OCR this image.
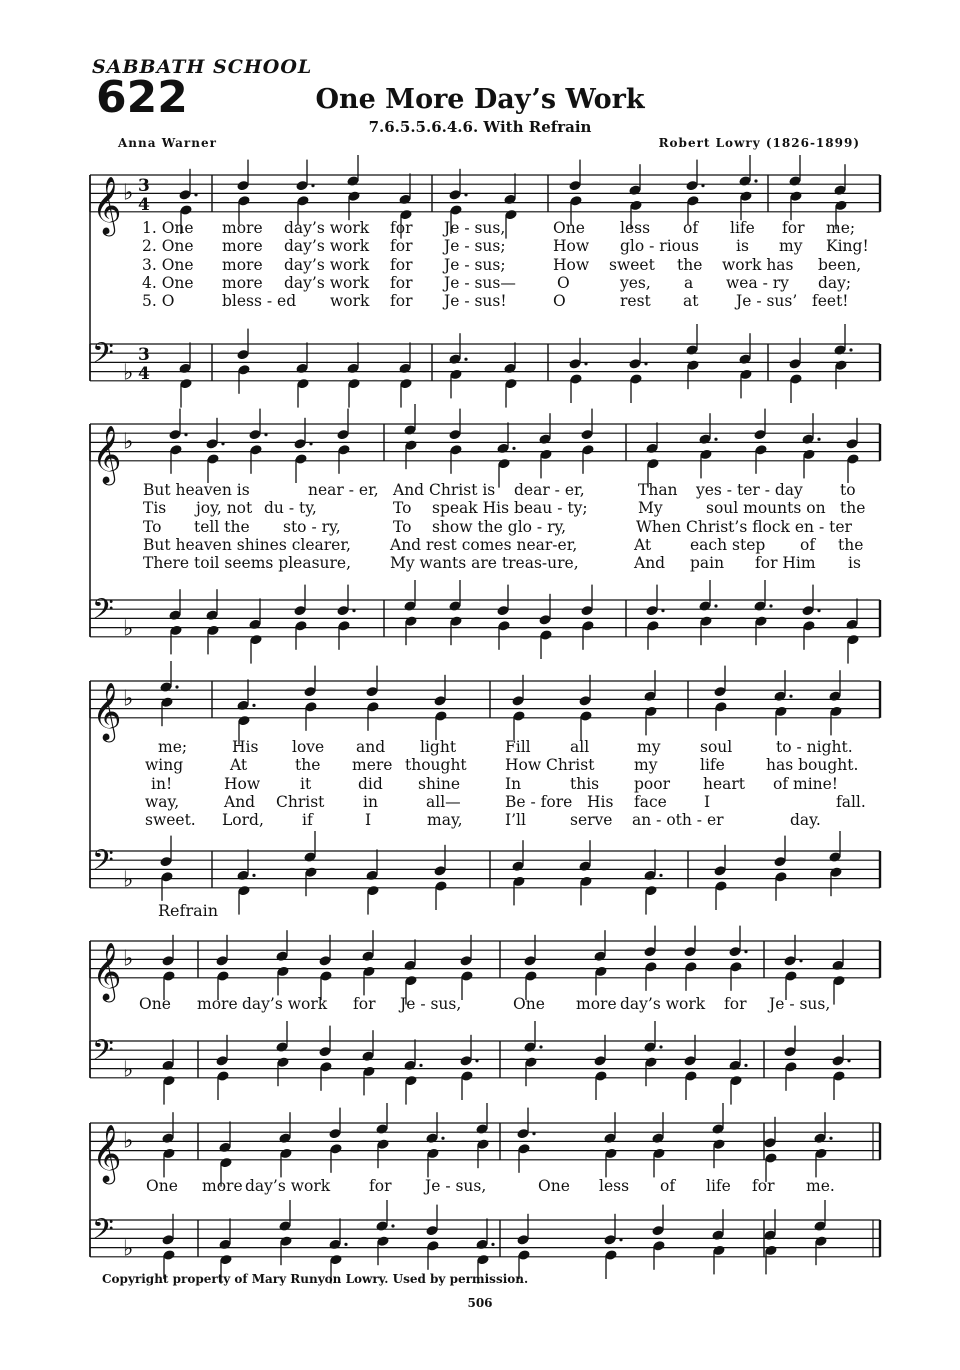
SABBATH SCHOOL
622	One More Day’s Work
7.6.5.5.6.4.6. With Refrain
Anna Warner	Robert Lowry (1826-1899)
𝄞 ♭ 3
4
𝄢 ♭
3
4
𝄞 ♭
𝄢 ♭
𝄞 ♭
𝄢 ♭
𝄞 ♭
𝄢 ♭
𝄞 ♭
𝄢 ♭
1. One more day’s work for Je - sus,	One less of life for me;
2. One more day’s work for Je - sus;	How glo - rious is my King!
3. One more day’s work for Je - sus;	How sweet the work has been,
4. One more day’s work for Je - sus—	O	yes, a wea - ry day;
5. O	bless - ed work for Je - sus!	O	rest at Je - sus’ feet!
But heaven is	near - er, And Christ is dear - er,	Than yes - ter - day to
Tis joy, not du - ty,	To speak His beau - ty;	My	soul mounts on the
To tell the sto - ry,	To show the glo - ry,	When Christ’s flock en - ter
But heaven shines clearer,	And rest comes near-er,	At	each step of the
There toil seems pleasure,	My wants are treas-ure,	And pain for Him is
me;	His love and light	Fill	all	my	soul	to - night.
wing	At	the mere thought How Christ	my	life	has bought.
in!	How	it	did shine	In	this poor heart of mine!
way,	And Christ in	all—	Be - fore His face I	fall.
sweet. Lord, if	I	may,	I’ll	serve an - oth - er	day.
One more day’s work for Je - sus,	One more day’s work for Je - sus,
One more day’s work	for Je - sus,	One less of life for me.
Refrain
Copyright property of Mary Runyon Lowry. Used by permission.
506
